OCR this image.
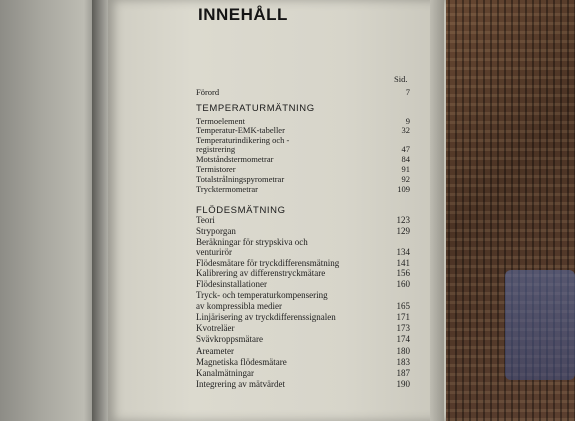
INNEHÅLL
Sid.
Förord	7
TEMPERATURMÄTNING
Termoelement	9
Temperatur-EMK-tabeller	32
Temperaturindikering och -
registrering	47
Motståndstermometrar	84
Termistorer	91
Totalstrålningspyrometrar	92
Trycktermometrar	109
FLÖDESMÄTNING
Teori	123
Stryporgan	129
Beräkningar för strypskiva och
venturirör	134
Flödesmätare för tryckdifferensmätning	141
Kalibrering av differenstryckmätare	156
Flödesinstallationer	160
Tryck- och temperaturkompensering
av kompressibla medier	165
Linjärisering av tryckdifferenssignalen	171
Kvotreläer	173
Svävkroppsmätare	174
Areameter	180
Magnetiska flödesmätare	183
Kanalmätningar	187
Integrering av mätvärdet	190
